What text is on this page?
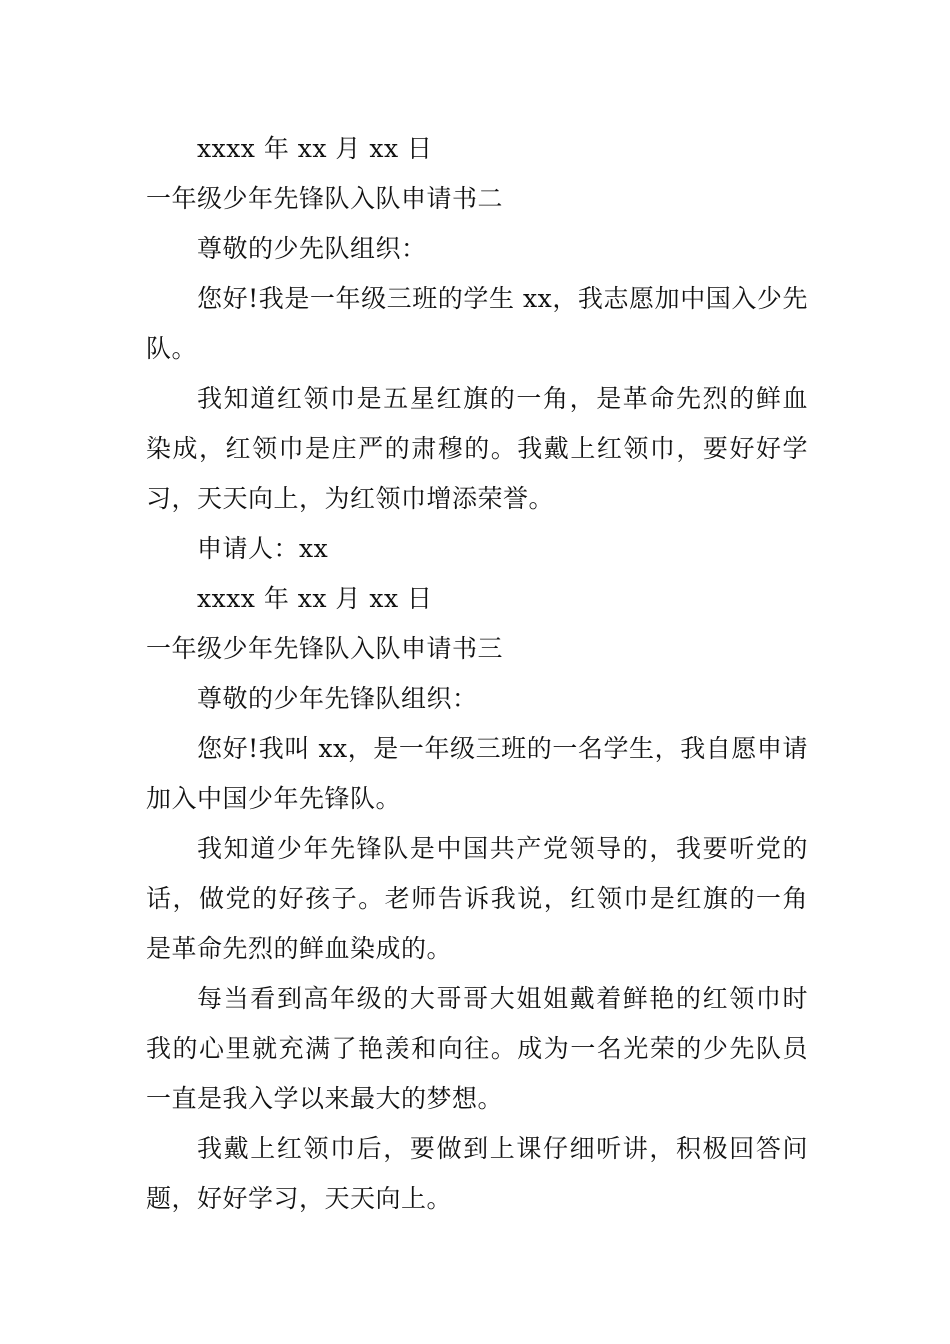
xxxx 年 xx 月 xx 日
一年级少年先锋队入队申请书二
尊敬的少先队组织：

您好!我是一年级三班的学生 xx，我志愿加中国入少先队。

我知道红领巾是五星红旗的一角，是革命先烈的鲜血染成，红领巾是庄严的肃穆的。我戴上红领巾，要好好学习，天天向上，为红领巾增添荣誉。

申请人：xx
xxxx 年 xx 月 xx 日
一年级少年先锋队入队申请书三
尊敬的少年先锋队组织：

您好!我叫 xx，是一年级三班的一名学生，我自愿申请加入中国少年先锋队。

我知道少年先锋队是中国共产党领导的，我要听党的话，做党的好孩子。老师告诉我说，红领巾是红旗的一角是革命先烈的鲜血染成的。

每当看到高年级的大哥哥大姐姐戴着鲜艳的红领巾时我的心里就充满了艳羡和向往。成为一名光荣的少先队员一直是我入学以来最大的梦想。

我戴上红领巾后，要做到上课仔细听讲，积极回答问题，好好学习，天天向上。
